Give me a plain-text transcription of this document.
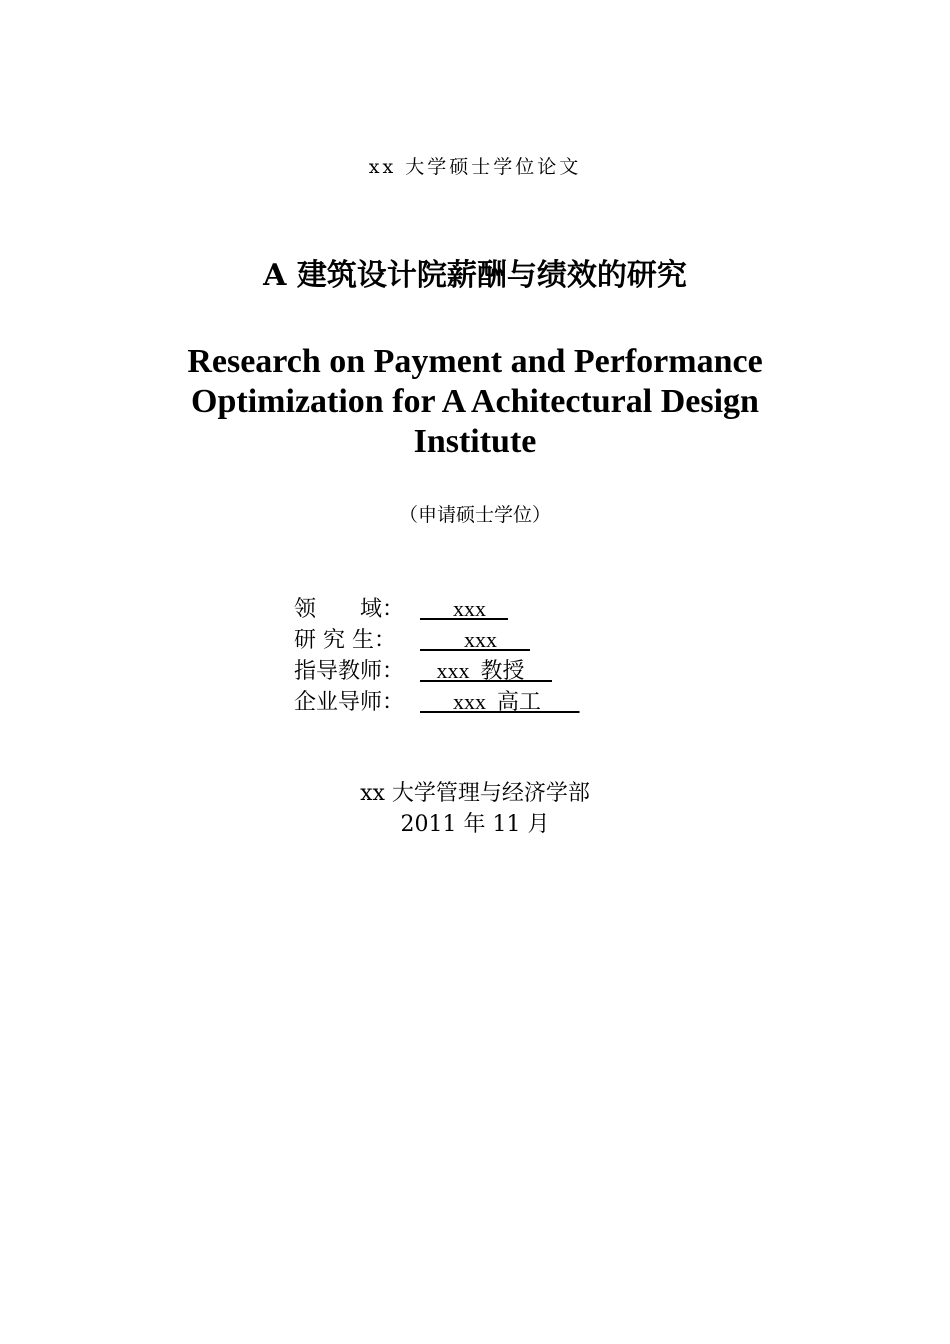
xx 大学硕士学位论文
A 建筑设计院薪酬与绩效的研究
Research on Payment and Performance Optimization for A Achitectural Design Institute
（申请硕士学位）
领　　域：      xxx
研 究 生：        xxx
指导教师：   xxx  教授
企业导师：      xxx  高工
xx 大学管理与经济学部
2011 年 11 月
